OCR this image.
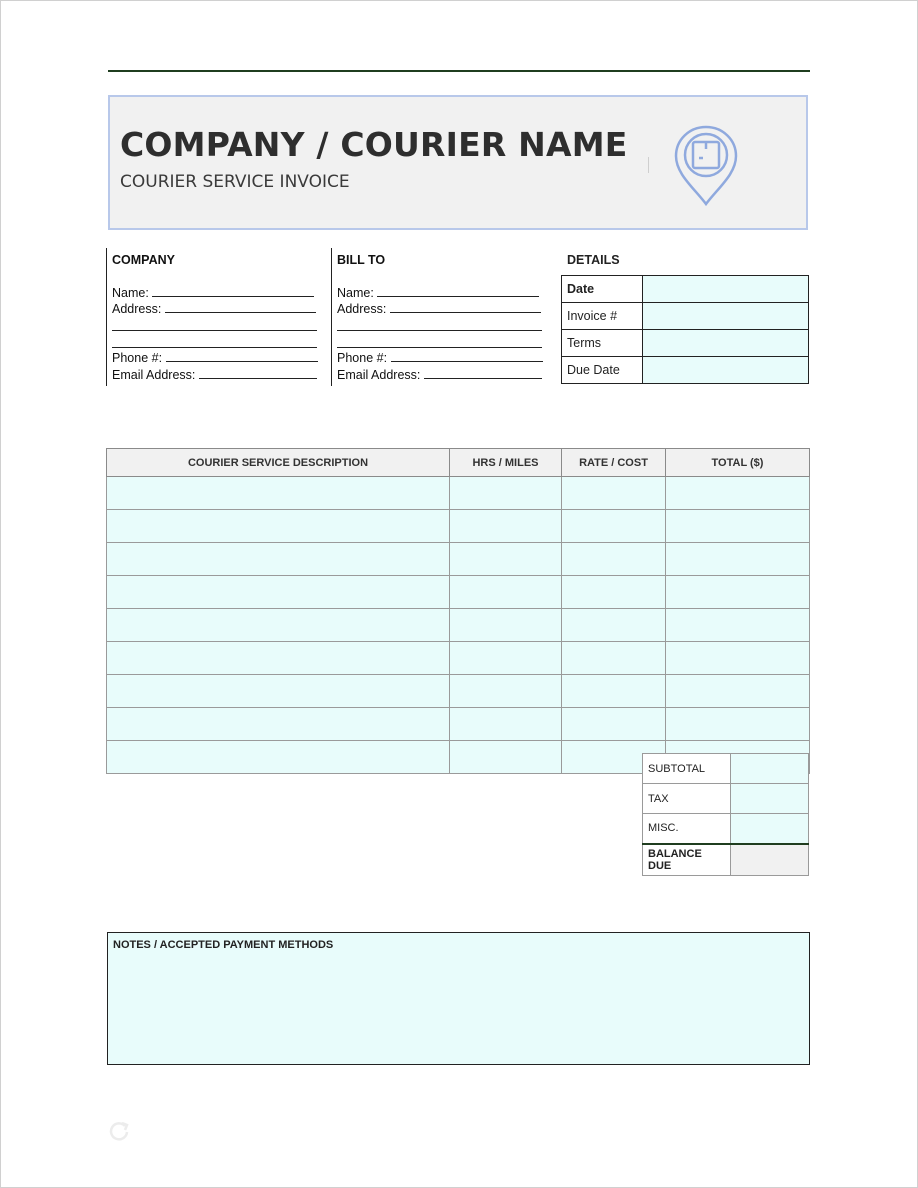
COMPANY / COURIER NAME
COURIER SERVICE INVOICE
COMPANY
Name:
Address:
Phone #:
Email Address:
BILL TO
Name:
Address:
Phone #:
Email Address:
DETAILS
Date	
Invoice #	
Terms	
Due Date	
COURIER SERVICE DESCRIPTION	HRS / MILES	RATE / COST	TOTAL ($)

SUBTOTAL	
TAX	
MISC.	
BALANCE DUE	
NOTES / ACCEPTED PAYMENT METHODS
